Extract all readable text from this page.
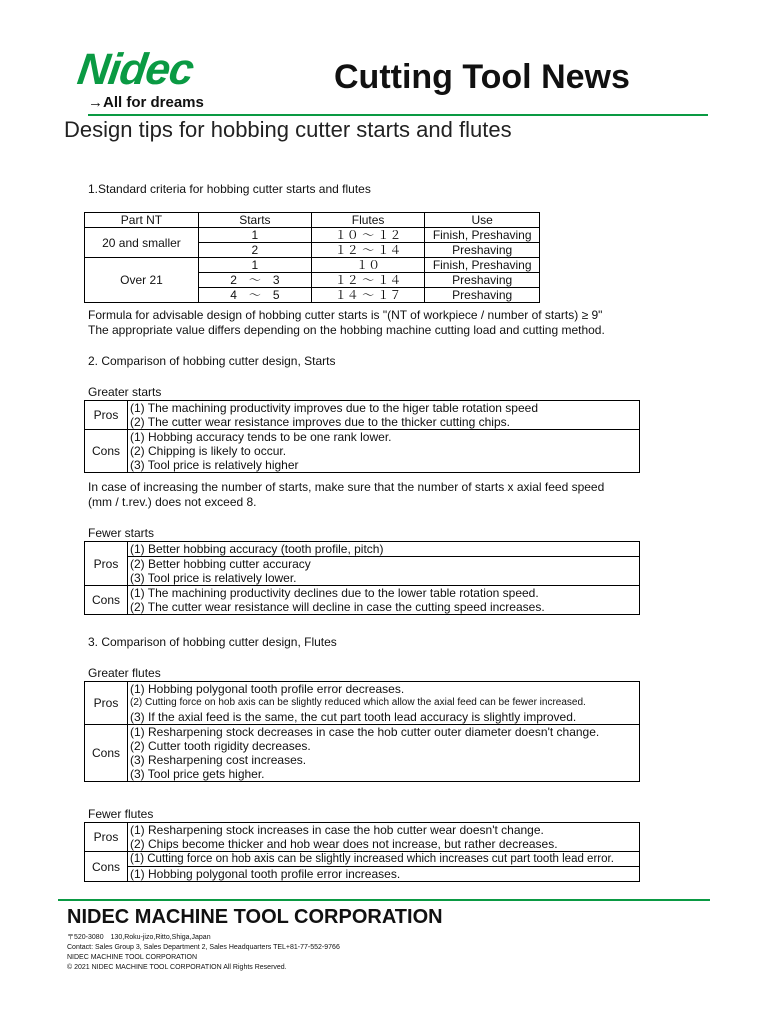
Nidec
→All for dreams
Cutting Tool News
Design tips for hobbing cutter starts and flutes
1.Standard criteria for hobbing cutter starts and flutes
Part NT	Starts	Flutes	Use
20 and smaller	1	１０ ～ １２	Finish, Preshaving
	2	１２ ～ １４	Preshaving
Over 21	1	１０	Finish, Preshaving
	2　～　3	１２ ～ １４	Preshaving
	4　～　5	１４ ～ １７	Preshaving
Formula for advisable design of hobbing cutter starts is "(NT of workpiece / number of starts) ≥ 9"
The appropriate value differs depending on the hobbing machine cutting load and cutting method.
2. Comparison of hobbing cutter design, Starts
Greater starts
Pros	(1) The machining productivity improves due to the higer table rotation speed
	(2) The cutter wear resistance improves due to the thicker cutting chips.
Cons	(1) Hobbing accuracy tends to be one rank lower.
	(2) Chipping is likely to occur.
	(3) Tool price is relatively higher
In case of increasing the number of starts, make sure that the number of starts x axial feed speed
(mm / t.rev.) does not exceed 8.
Fewer starts
Pros	(1) Better hobbing accuracy (tooth profile, pitch)
	(2) Better hobbing cutter accuracy
	(3) Tool price is relatively lower.
Cons	(1) The machining productivity declines due to the lower table rotation speed.
	(2) The cutter wear resistance will decline in case the cutting speed increases.
3. Comparison of hobbing cutter design, Flutes
Greater flutes
Pros	(1) Hobbing polygonal tooth profile error decreases.
	(2) Cutting force on hob axis can be slightly reduced which allow the axial feed can be fewer increased.
	(3) If the axial feed is the same, the cut part tooth lead accuracy is slightly improved.
Cons	(1) Resharpening stock decreases in case the hob cutter outer diameter doesn't change.
	(2) Cutter tooth rigidity decreases.
	(3) Resharpening cost increases.
	(3) Tool price gets higher.
Fewer flutes
Pros	(1) Resharpening stock increases in case the hob cutter wear doesn't change.
	(2) Chips become thicker and hob wear does not increase, but rather decreases.
Cons	(1) Cutting force on hob axis can be slightly increased which increases cut part tooth lead error.
	(1) Hobbing polygonal tooth profile error increases.
NIDEC MACHINE TOOL CORPORATION
〒520-3080　130,Roku-jizo,Ritto,Shiga,Japan
Contact: Sales Group 3, Sales Department 2, Sales Headquarters TEL+81-77-552-9766
NIDEC MACHINE TOOL CORPORATION
© 2021 NIDEC MACHINE TOOL CORPORATION All Rights Reserved.
